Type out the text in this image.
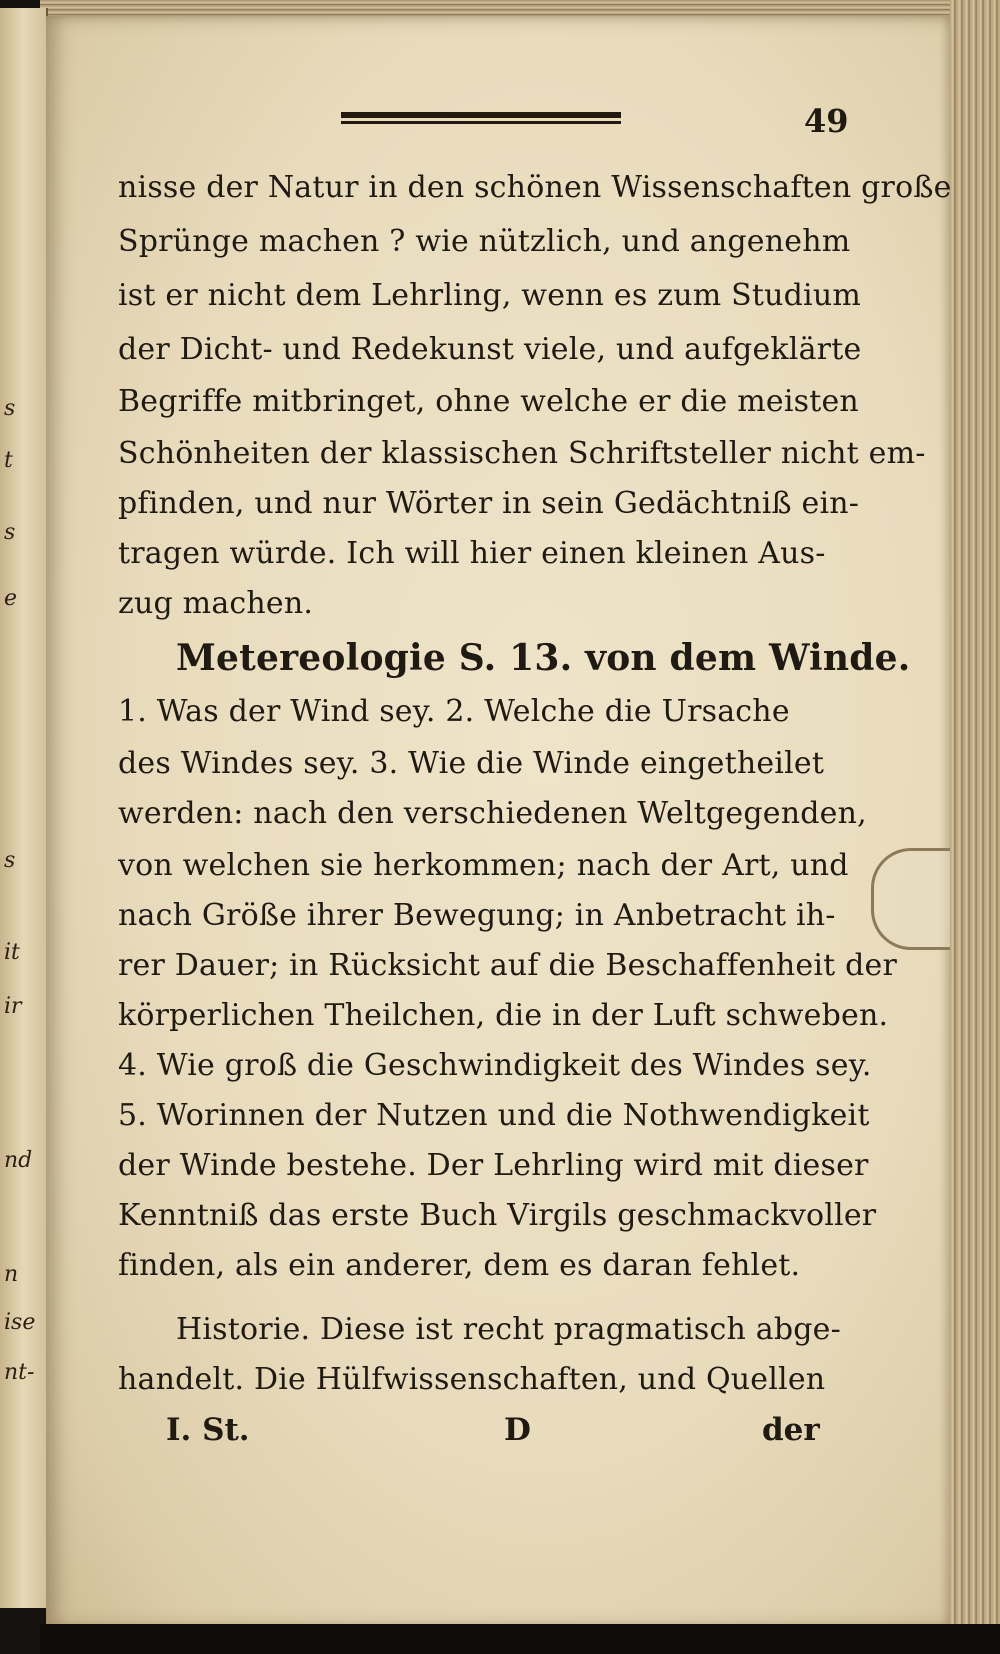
s
t
s
e
s
it
ir
nd
n
ise
nt-
49
nisse der Natur in den schönen Wissenschaften große
Sprünge machen ? wie nützlich, und angenehm
ist er nicht dem Lehrling, wenn es zum Studium
der Dicht- und Redekunst viele, und aufgeklärte
Begriffe mitbringet, ohne welche er die meisten
Schönheiten der klassischen Schriftsteller nicht em-
pfinden, und nur Wörter in sein Gedächtniß ein-
tragen würde. Ich will hier einen kleinen Aus-
zug machen.
Metereologie S. 13. von dem Winde.
1. Was der Wind sey. 2. Welche die Ursache
des Windes sey. 3. Wie die Winde eingetheilet
werden: nach den verschiedenen Weltgegenden,
von welchen sie herkommen; nach der Art, und
nach Größe ihrer Bewegung; in Anbetracht ih-
rer Dauer; in Rücksicht auf die Beschaffenheit der
körperlichen Theilchen, die in der Luft schweben.
4. Wie groß die Geschwindigkeit des Windes sey.
5. Worinnen der Nutzen und die Nothwendigkeit
der Winde bestehe. Der Lehrling wird mit dieser
Kenntniß das erste Buch Virgils geschmackvoller
finden, als ein anderer, dem es daran fehlet.
Historie. Diese ist recht pragmatisch abge-
handelt. Die Hülfwissenschaften, und Quellen
I. St.	D	der
